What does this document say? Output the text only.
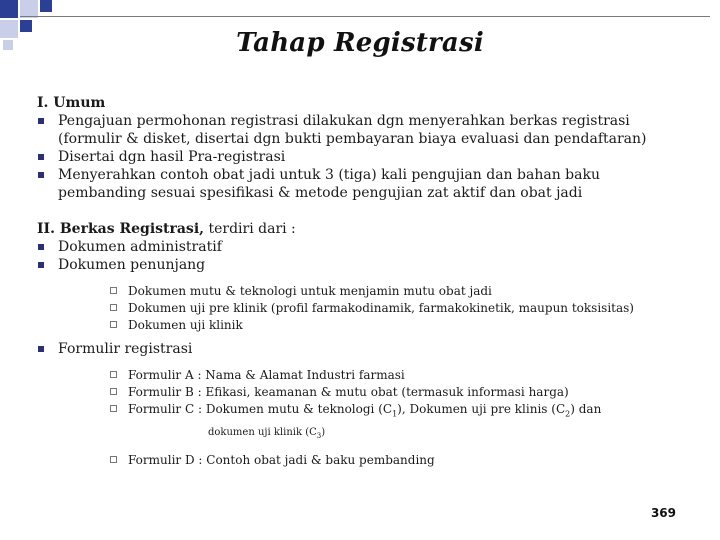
Tahap Registrasi
I. Umum
Pengajuan permohonan registrasi dilakukan dgn menyerahkan berkas registrasi
(formulir & disket, disertai dgn bukti pembayaran biaya evaluasi dan pendaftaran)
Disertai dgn hasil Pra-registrasi
Menyerahkan contoh obat jadi untuk 3 (tiga) kali pengujian dan bahan baku
pembanding sesuai spesifikasi & metode pengujian zat aktif dan obat jadi
II. Berkas Registrasi, terdiri dari :
Dokumen administratif
Dokumen penunjang
Dokumen mutu & teknologi untuk menjamin mutu obat jadi
Dokumen uji pre klinik (profil farmakodinamik, farmakokinetik, maupun toksisitas)
Dokumen uji klinik
Formulir registrasi
Formulir A : Nama & Alamat Industri farmasi
Formulir B : Efikasi, keamanan & mutu obat (termasuk informasi harga)
Formulir C : Dokumen mutu & teknologi $(C_1)$, Dokumen uji pre klinis $(C_2)$ dan
dokumen uji klinik $(C_3)$
Formulir D : Contoh obat jadi & baku pembanding
369
